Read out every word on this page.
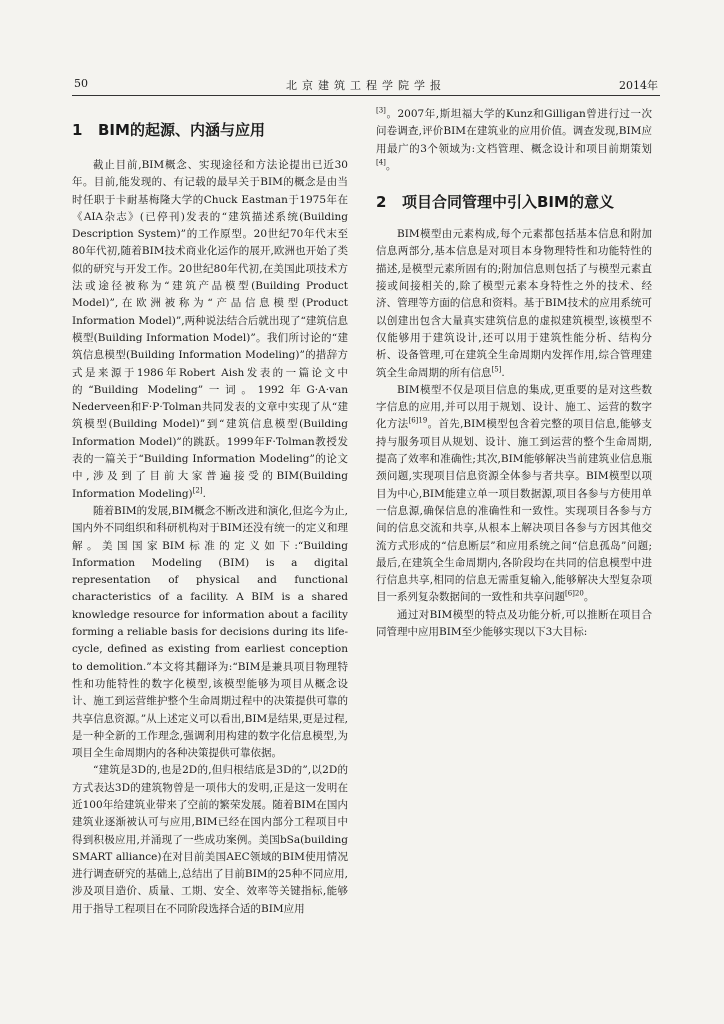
50	北京建筑工程学院学报	2014年
1 BIM的起源、内涵与应用

截止目前,BIM概念、实现途径和方法论提出已近30年。目前,能发现的、有记载的最早关于BIM的概念是由当时任职于卡耐基梅隆大学的Chuck Eastman于1975年在《AIA杂志》(已停刊)发表的“建筑描述系统(Building Description System)”的工作原型。20世纪70年代末至80年代初,随着BIM技术商业化运作的展开,欧洲也开始了类似的研究与开发工作。20世纪80年代初,在美国此项技术方法或途径被称为“建筑产品模型(Building Product Model)”,在欧洲被称为“产品信息模型(Product Information Model)”,两种说法结合后就出现了“建筑信息模型(Building Information Model)”。我们所讨论的“建筑信息模型(Building Information Modeling)”的措辞方式是来源于1986年Robert Aish发表的一篇论文中的“Building Modeling”一词。1992年G·A·van Nederveen和F·P·Tolman共同发表的文章中实现了从“建筑模型(Building Model)”到“建筑信息模型(Building Information Model)”的跳跃。1999年F·Tolman教授发表的一篇关于“Building Information Modeling”的论文中,涉及到了目前大家普遍接受的BIM(Building Information Modeling)[2].

随着BIM的发展,BIM概念不断改进和演化,但迄今为止,国内外不同组织和科研机构对于BIM还没有统一的定义和理解。美国国家BIM标准的定义如下:“Building Information Modeling (BIM) is a digital representation of physical and functional characteristics of a facility. A BIM is a shared knowledge resource for information about a facility forming a reliable basis for decisions during its life-cycle, defined as existing from earliest conception to demolition.”本文将其翻译为:“BIM是兼具项目物理特性和功能特性的数字化模型,该模型能够为项目从概念设计、施工到运营维护整个生命周期过程中的决策提供可靠的共享信息资源。”从上述定义可以看出,BIM是结果,更是过程,是一种全新的工作理念,强调利用构建的数字化信息模型,为项目全生命周期内的各种决策提供可靠依据。

“建筑是3D的,也是2D的,但归根结底是3D的”,以2D的方式表达3D的建筑物曾是一项伟大的发明,正是这一发明在近100年给建筑业带来了空前的繁荣发展。随着BIM在国内建筑业逐渐被认可与应用,BIM已经在国内部分工程项目中得到积极应用,并涌现了一些成功案例。美国bSa(building SMART alliance)在对目前美国AEC领域的BIM使用情况进行调查研究的基础上,总结出了目前BIM的25种不同应用,涉及项目造价、质量、工期、安全、效率等关键指标,能够用于指导工程项目在不同阶段选择合适的BIM应用

[3]。2007年,斯坦福大学的Kunz和Gilligan曾进行过一次问卷调查,评价BIM在建筑业的应用价值。调查发现,BIM应用最广的3个领域为:文档管理、概念设计和项目前期策划[4]。

2 项目合同管理中引入BIM的意义

BIM模型由元素构成,每个元素都包括基本信息和附加信息两部分,基本信息是对项目本身物理特性和功能特性的描述,是模型元素所固有的;附加信息则包括了与模型元素直接或间接相关的,除了模型元素本身特性之外的技术、经济、管理等方面的信息和资料。基于BIM技术的应用系统可以创建出包含大量真实建筑信息的虚拟建筑模型,该模型不仅能够用于建筑设计,还可以用于建筑性能分析、结构分析、设备管理,可在建筑全生命周期内发挥作用,综合管理建筑全生命周期的所有信息[5].

BIM模型不仅是项目信息的集成,更重要的是对这些数字信息的应用,并可以用于规划、设计、施工、运营的数字化方法$^{[6]19}$。首先,BIM模型包含着完整的项目信息,能够支持与服务项目从规划、设计、施工到运营的整个生命周期,提高了效率和准确性;其次,BIM能够解决当前建筑业信息瓶颈问题,实现项目信息资源全体参与者共享。BIM模型以项目为中心,BIM能建立单一项目数据源,项目各参与方使用单一信息源,确保信息的准确性和一致性。实现项目各参与方间的信息交流和共享,从根本上解决项目各参与方因其他交流方式形成的“信息断层”和应用系统之间“信息孤岛”问题;最后,在建筑全生命周期内,各阶段均在共同的信息模型中进行信息共享,相同的信息无需重复输入,能够解决大型复杂项目一系列复杂数据间的一致性和共享问题$^{[6]20}$。

通过对BIM模型的特点及功能分析,可以推断在项目合同管理中应用BIM至少能够实现以下3大目标:
